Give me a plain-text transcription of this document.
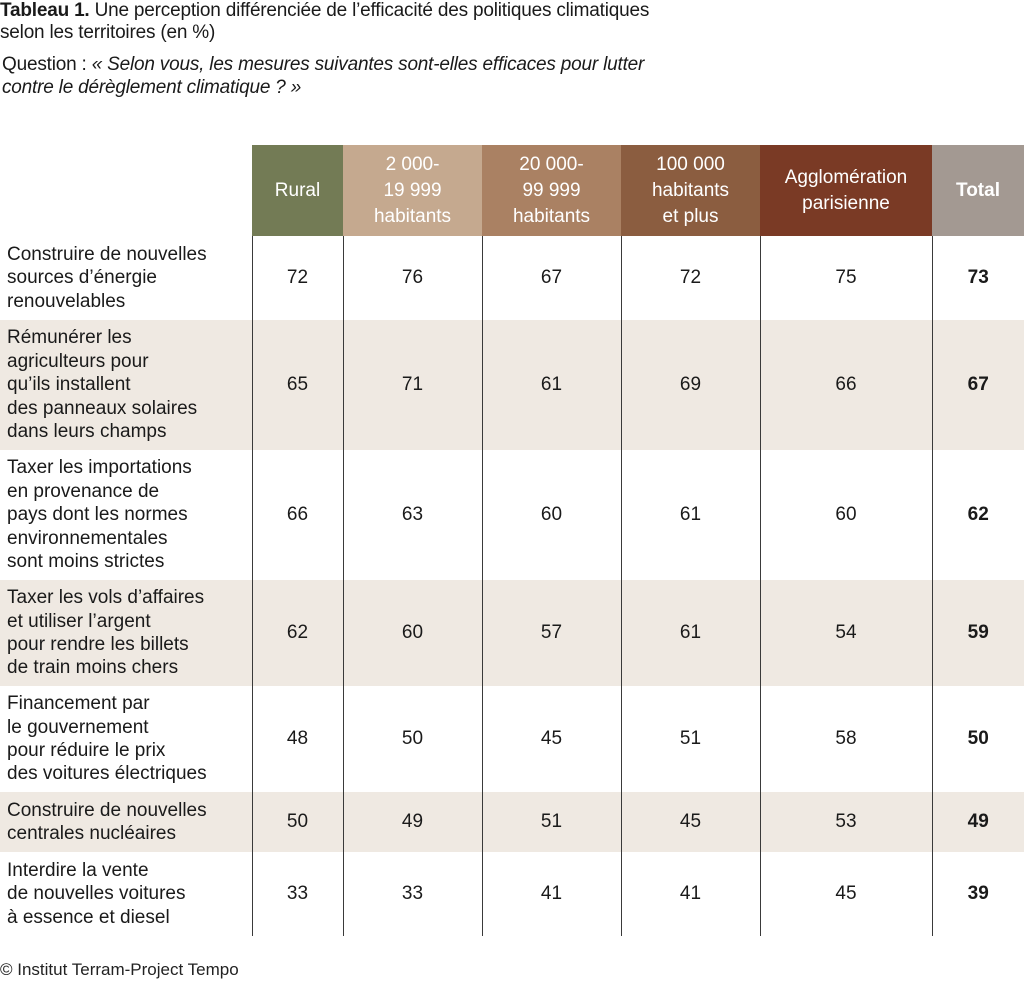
Tableau 1. Une perception différenciée de l’efficacité des politiques climatiques
selon les territoires (en %)

Question : « Selon vous, les mesures suivantes sont-elles efficaces pour lutter
contre le dérèglement climatique ? »

	Rural	2 000-
19 999
habitants	20 000-
99 999
habitants	100 000
habitants
et plus	Agglomération
parisienne	Total

Construire de nouvelles
sources d’énergie
renouvelables	72	76	67	72	75	73

Rémunérer les
agriculteurs pour
qu’ils installent
des panneaux solaires
dans leurs champs	65	71	61	69	66	67

Taxer les importations
en provenance de
pays dont les normes
environnementales
sont moins strictes	66	63	60	61	60	62

Taxer les vols d’affaires
et utiliser l’argent
pour rendre les billets
de train moins chers	62	60	57	61	54	59

Financement par
le gouvernement
pour réduire le prix
des voitures électriques	48	50	45	51	58	50

Construire de nouvelles
centrales nucléaires	50	49	51	45	53	49

Interdire la vente
de nouvelles voitures
à essence et diesel	33	33	41	41	45	39
© Institut Terram-Project Tempo
